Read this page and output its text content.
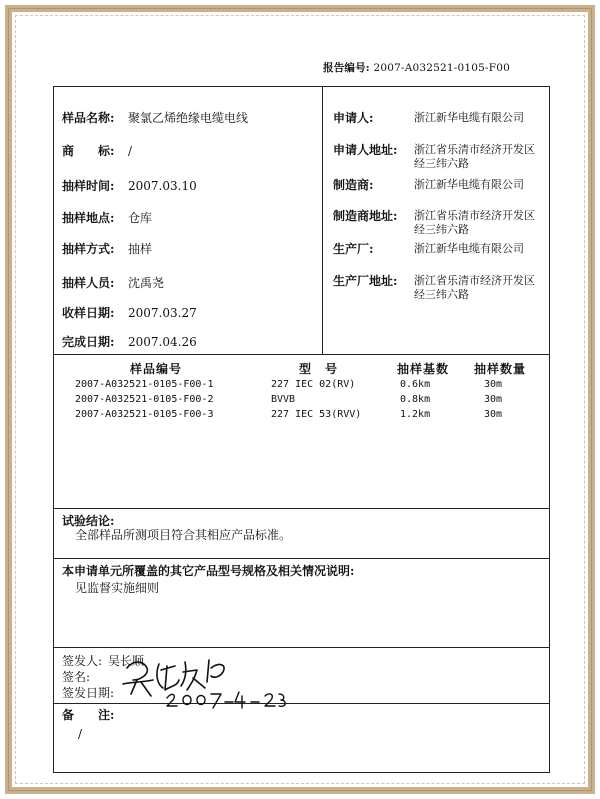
报告编号: 2007-A032521-0105-F00
样品名称: 聚氯乙烯绝缘电缆电线
商　　标: /
抽样时间: 2007.03.10
抽样地点: 仓库
抽样方式: 抽样
抽样人员: 沈禹尧
收样日期: 2007.03.27
完成日期: 2007.04.26
申请人:	浙江新华电缆有限公司
申请人地址: 浙江省乐清市经济开发区
经三纬六路
制造商:	浙江新华电缆有限公司
制造商地址: 浙江省乐清市经济开发区
经三纬六路
生产厂:	浙江新华电缆有限公司
生产厂地址: 浙江省乐清市经济开发区
经三纬六路
样品编号	型　号	抽样基数 抽样数量
2007-A032521-0105-F00-1	227 IEC 02(RV)	0.6km	30m
2007-A032521-0105-F00-2	BVVB	0.8km	30m
2007-A032521-0105-F00-3	227 IEC 53(RVV)	1.2km	30m
试验结论:
全部样品所测项目符合其相应产品标准。
本申请单元所覆盖的其它产品型号规格及相关情况说明:
见监督实施细则
签发人: 吴长顺
签名:
签发日期:
备　　注:
/
